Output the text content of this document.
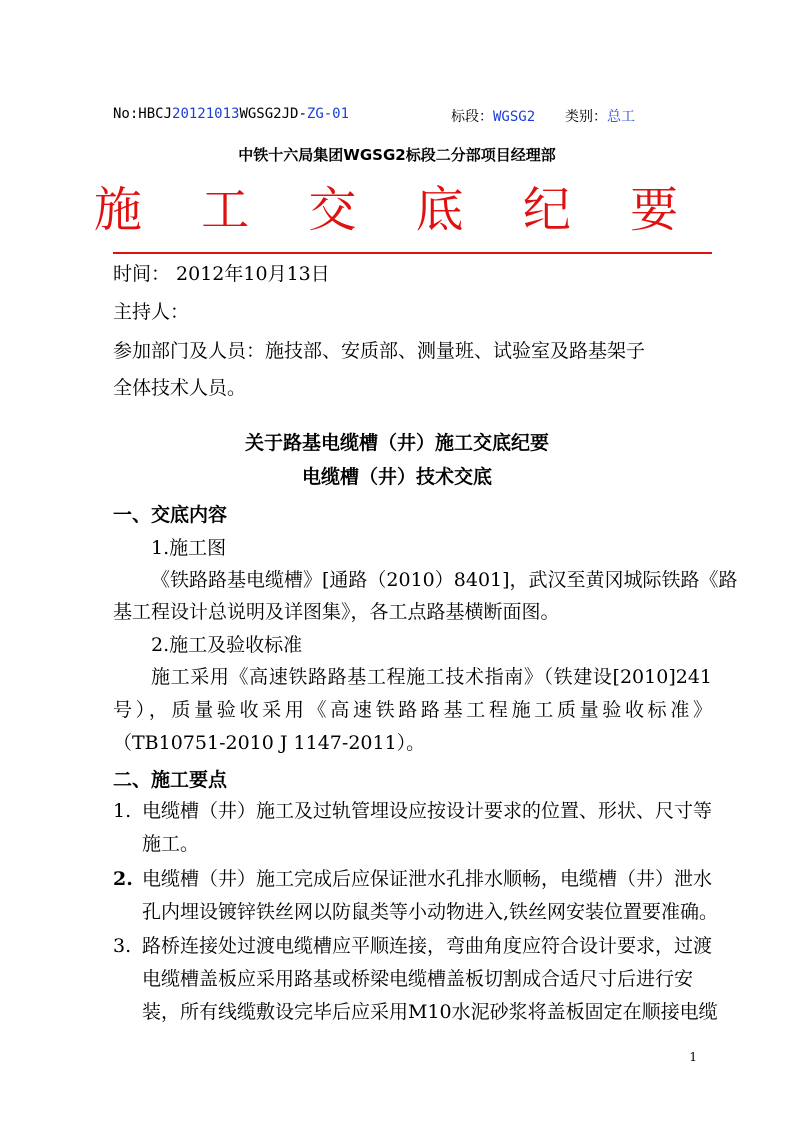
No:HBCJ20121013WGSG2JD-ZG-01	标段：WGSG2 类别：总工
中铁十六局集团WGSG2标段二分部项目经理部
施 工 交 底 纪 要
时间： 2012年10月13日
主持人：
参加部门及人员：施技部、安质部、测量班、试验室及路基架子
全体技术人员。
关于路基电缆槽（井）施工交底纪要
电缆槽（井）技术交底
一、交底内容
1.施工图
《铁路路基电缆槽》[通路（2010）8401]，武汉至黄冈城际铁路《路
基工程设计总说明及详图集》，各工点路基横断面图。
2.施工及验收标准
施工采用《高速铁路路基工程施工技术指南》（铁建设[2010]241
号），质量验收采用《高速铁路路基工程施工质量验收标准》
（TB10751-2010 J 1147-2011）。
二、施工要点
1. 电缆槽（井）施工及过轨管埋设应按设计要求的位置、形状、尺寸等
施工。
2. 电缆槽（井）施工完成后应保证泄水孔排水顺畅，电缆槽（井）泄水
孔内埋设镀锌铁丝网以防鼠类等小动物进入,铁丝网安装位置要准确。
3. 路桥连接处过渡电缆槽应平顺连接，弯曲角度应符合设计要求，过渡
电缆槽盖板应采用路基或桥梁电缆槽盖板切割成合适尺寸后进行安
装，所有线缆敷设完毕后应采用M10水泥砂浆将盖板固定在顺接电缆
1
